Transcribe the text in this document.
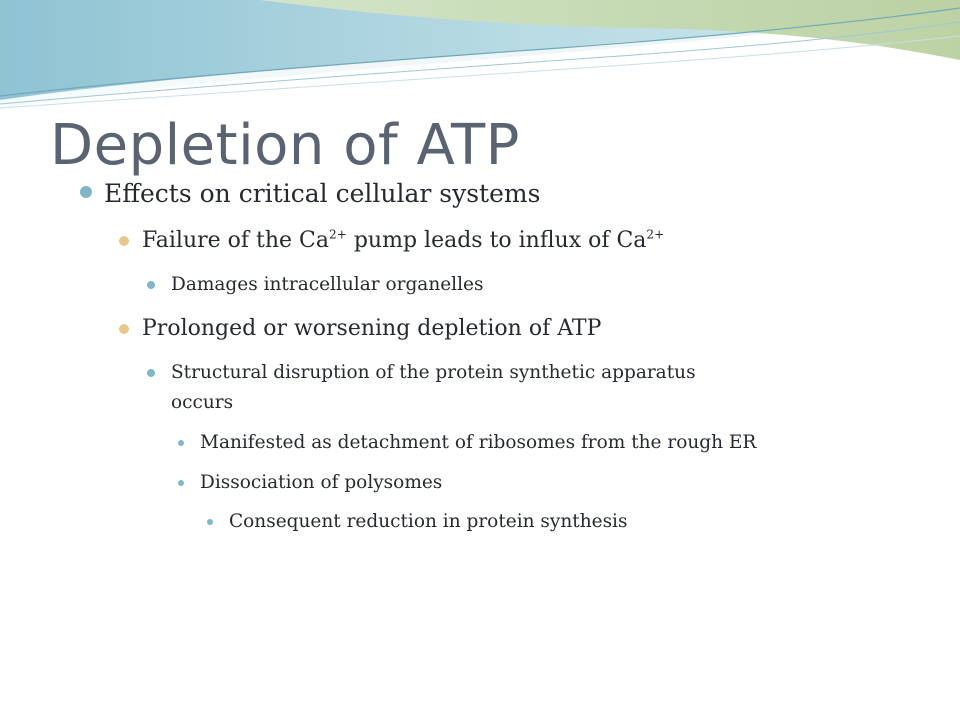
Depletion of ATP
Effects on critical cellular systems
Failure of the $Ca^{2+}$ pump leads to influx of $Ca^{2+}$
Damages intracellular organelles
Prolonged or worsening depletion of ATP
Structural disruption of the protein synthetic apparatus
occurs
Manifested as detachment of ribosomes from the rough ER
Dissociation of polysomes
Consequent reduction in protein synthesis
